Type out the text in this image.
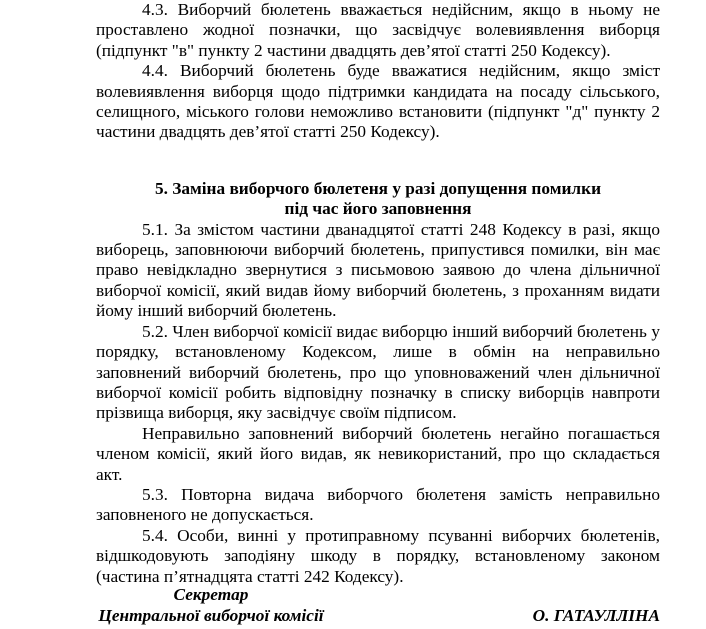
4.3. Виборчий бюлетень вважається недійсним, якщо в ньому не проставлено жодної позначки, що засвідчує волевиявлення виборця (підпункт "в" пункту 2 частини двадцять дев’ятої статті 250 Кодексу).

4.4. Виборчий бюлетень буде вважатися недійсним, якщо зміст волевиявлення виборця щодо підтримки кандидата на посаду сільського, селищного, міського голови неможливо встановити (підпункт "д" пункту 2 частини двадцять дев’ятої статті 250 Кодексу).

5. Заміна виборчого бюлетеня у разі допущення помилки
під час його заповнення

5.1. За змістом частини дванадцятої статті 248 Кодексу в разі, якщо виборець, заповнюючи виборчий бюлетень, припустився помилки, він має право невідкладно звернутися з письмовою заявою до члена дільничної виборчої комісії, який видав йому виборчий бюлетень, з проханням видати йому інший виборчий бюлетень.

5.2. Член виборчої комісії видає виборцю інший виборчий бюлетень у порядку, встановленому Кодексом, лише в обмін на неправильно заповнений виборчий бюлетень, про що уповноважений член дільничної виборчої комісії робить відповідну позначку в списку виборців навпроти прізвища виборця, яку засвідчує своїм підписом.

Неправильно заповнений виборчий бюлетень негайно погашається членом комісії, який його видав, як невикористаний, про що складається акт.

5.3. Повторна видача виборчого бюлетеня замість неправильно заповненого не допускається.

5.4. Особи, винні у протиправному псуванні виборчих бюлетенів, відшкодовують заподіяну шкоду в порядку, встановленому законом (частина п’ятнадцята статті 242 Кодексу).

Секретар
Центральної виборчої комісії	О. ГАТАУЛЛІНА
